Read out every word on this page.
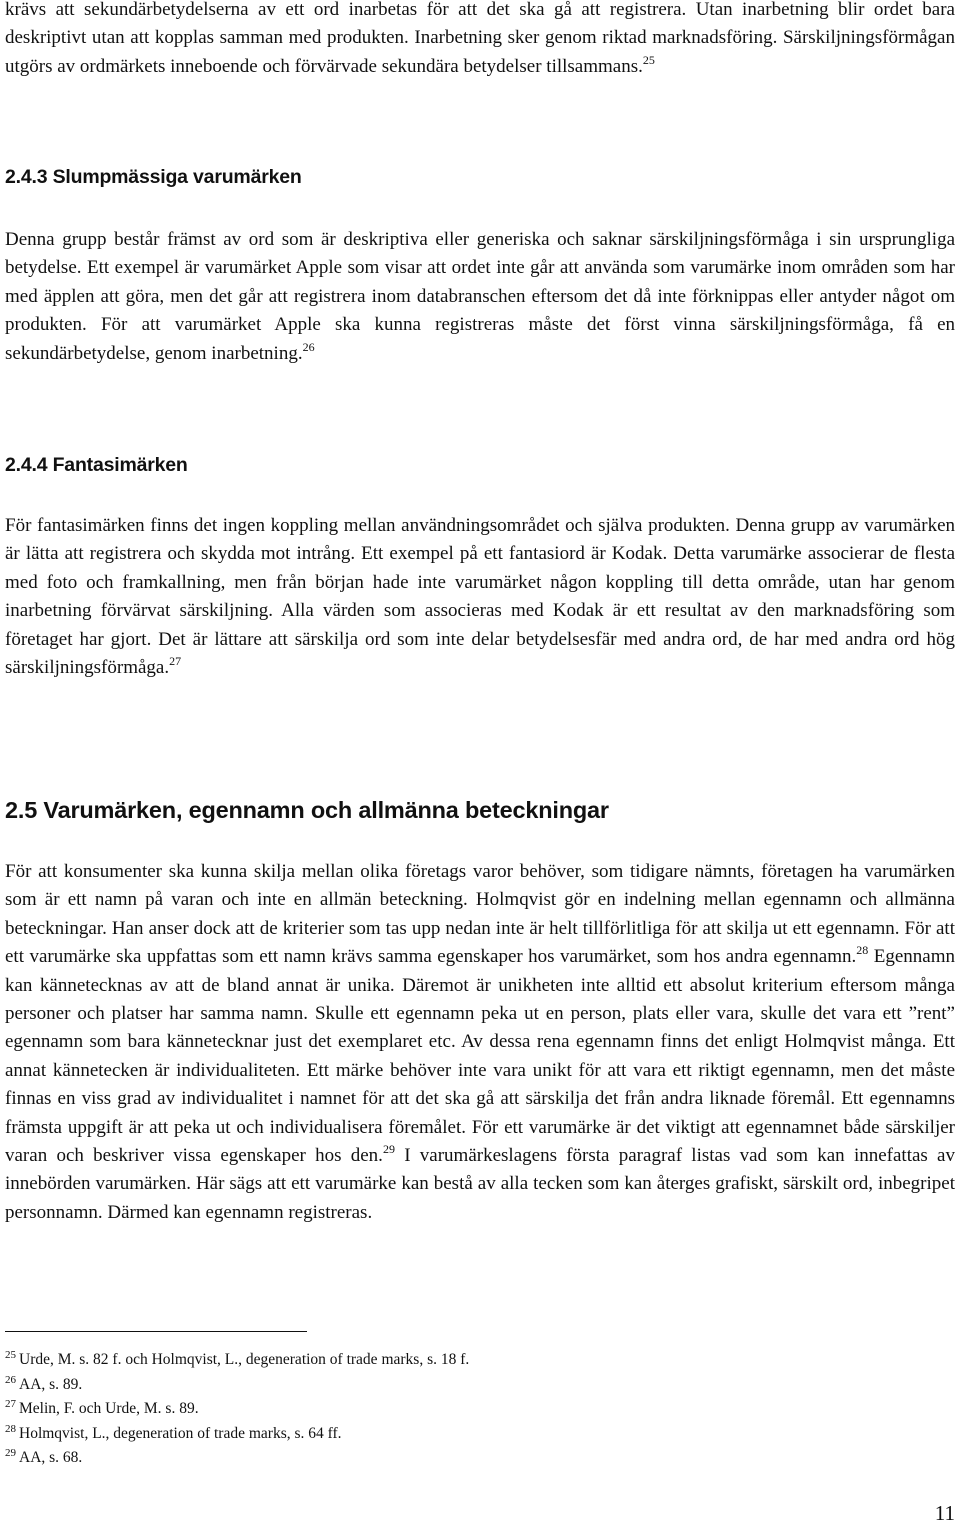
krävs att sekundärbetydelserna av ett ord inarbetas för att det ska gå att registrera. Utan inarbetning blir ordet bara deskriptivt utan att kopplas samman med produkten. Inarbetning sker genom riktad marknadsföring. Särskiljningsförmågan utgörs av ordmärkets inneboende och förvärvade sekundära betydelser tillsammans.$^{25}$

2.4.3 Slumpmässiga varumärken

Denna grupp består främst av ord som är deskriptiva eller generiska och saknar särskiljningsförmåga i sin ursprungliga betydelse. Ett exempel är varumärket Apple som visar att ordet inte går att använda som varumärke inom områden som har med äpplen att göra, men det går att registrera inom databranschen eftersom det då inte förknippas eller antyder något om produkten. För att varumärket Apple ska kunna registreras måste det först vinna särskiljningsförmåga, få en sekundärbetydelse, genom inarbetning.$^{26}$

2.4.4 Fantasimärken

För fantasimärken finns det ingen koppling mellan användningsområdet och själva produkten. Denna grupp av varumärken är lätta att registrera och skydda mot intrång. Ett exempel på ett fantasiord är Kodak. Detta varumärke associerar de flesta med foto och framkallning, men från början hade inte varumärket någon koppling till detta område, utan har genom inarbetning förvärvat särskiljning. Alla värden som associeras med Kodak är ett resultat av den marknadsföring som företaget har gjort. Det är lättare att särskilja ord som inte delar betydelsesfär med andra ord, de har med andra ord hög särskiljningsförmåga.$^{27}$

2.5 Varumärken, egennamn och allmänna beteckningar

För att konsumenter ska kunna skilja mellan olika företags varor behöver, som tidigare nämnts, företagen ha varumärken som är ett namn på varan och inte en allmän beteckning. Holmqvist gör en indelning mellan egennamn och allmänna beteckningar. Han anser dock att de kriterier som tas upp nedan inte är helt tillförlitliga för att skilja ut ett egennamn. För att ett varumärke ska uppfattas som ett namn krävs samma egenskaper hos varumärket, som hos andra egennamn.$^{28}$ Egennamn kan kännetecknas av att de bland annat är unika. Däremot är unikheten inte alltid ett absolut kriterium eftersom många personer och platser har samma namn. Skulle ett egennamn peka ut en person, plats eller vara, skulle det vara ett ”rent” egennamn som bara kännetecknar just det exemplaret etc. Av dessa rena egennamn finns det enligt Holmqvist många. Ett annat kännetecken är individualiteten. Ett märke behöver inte vara unikt för att vara ett riktigt egennamn, men det måste finnas en viss grad av individualitet i namnet för att det ska gå att särskilja det från andra liknade föremål. Ett egennamns främsta uppgift är att peka ut och individualisera föremålet. För ett varumärke är det viktigt att egennamnet både särskiljer varan och beskriver vissa egenskaper hos den.$^{29}$ I varumärkeslagens första paragraf listas vad som kan innefattas av innebörden varumärken. Här sägs att ett varumärke kan bestå av alla tecken som kan återges grafiskt, särskilt ord, inbegripet personnamn. Därmed kan egennamn registreras.

25 Urde, M. s. 82 f. och Holmqvist, L., degeneration of trade marks, s. 18 f.

26 AA, s. 89.

27 Melin, F. och Urde, M. s. 89.

28 Holmqvist, L., degeneration of trade marks, s. 64 ff.

29 AA, s. 68.

11
